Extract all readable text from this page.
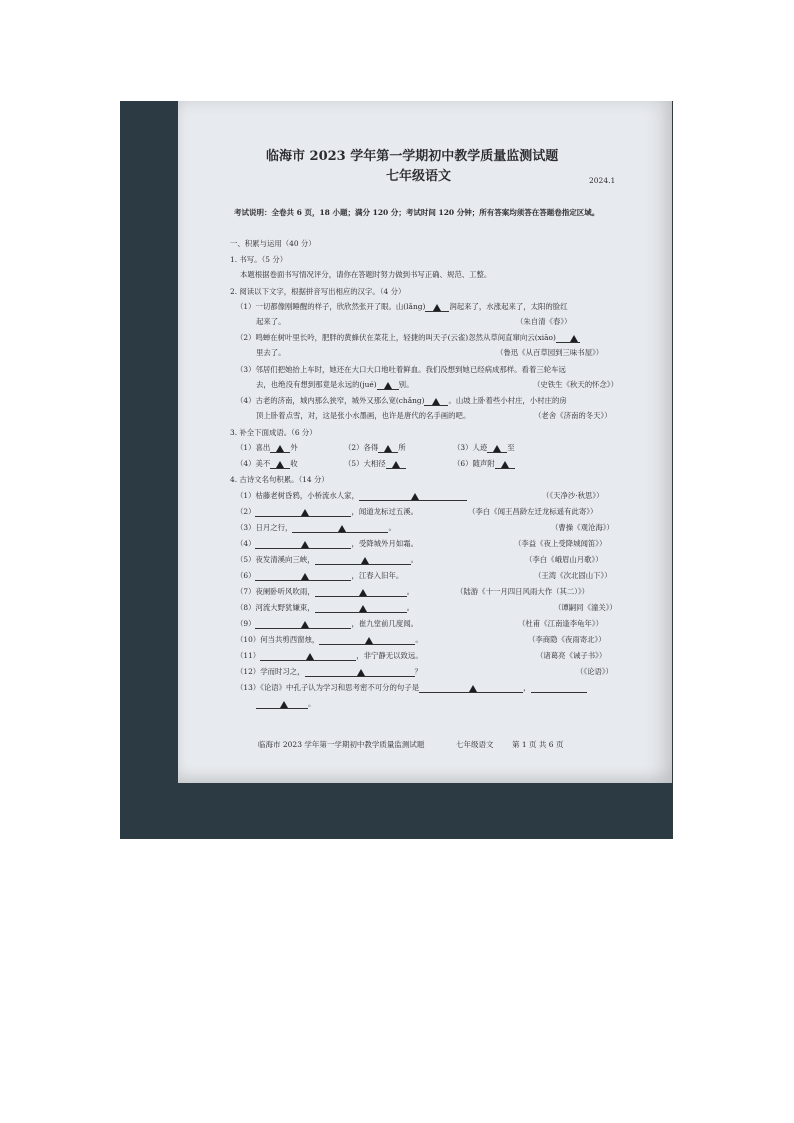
临海市 2023 学年第一学期初中教学质量监测试题
七年级语文	2024.1
考试说明：全卷共 6 页，18 小题；满分 120 分；考试时间 120 分钟；所有答案均须答在答题卷指定区域。
一、积累与运用（40 分）
1. 书写。（5 分）
本题根据卷面书写情况评分，请你在答题时努力做到书写正确、规范、工整。
2. 阅读以下文字，根据拼音写出相应的汉字。（4 分）
（1）一切都像刚睡醒的样子，欣欣然张开了眼。山(lǎng)	润起来了，水涨起来了，太阳的脸红
起来了。	（朱自清《春》）
（2）鸣蝉在树叶里长吟，肥胖的黄蜂伏在菜花上，轻捷的叫天子(云雀)忽然从草间直窜向云(xiāo)
里去了。	（鲁迅《从百草园到三味书屋》）
（3）邻居们把她抬上车时，她还在大口大口地吐着鲜血。我们没想到她已经病成那样。看着三轮车远
去，也绝没有想到那竟是永远的(jué)	别。	（史铁生《秋天的怀念》）
（4）古老的济南，城内那么狭窄，城外又那么宽(chǎng)	。山坡上卧着些小村庄，小村庄的房
顶上卧着点雪，对，这是张小水墨画，也许是唐代的名手画的吧。	（老舍《济南的冬天》）
3. 补全下面成语。（6 分）
（1）喜出	外	（2）各得	所	（3）人迹	至
（4）美不	收	（5）大相径	（6）随声附
4. 古诗文名句积累。（14 分）
（1）枯藤老树昏鸦，小桥流水人家，	（《天净沙·秋思》）
（2）	，闻道龙标过五溪。	（李白《闻王昌龄左迁龙标遥有此寄》）
（3）日月之行，	。	（曹操《观沧海》）
（4）	，受降城外月如霜。	（李益《夜上受降城闻笛》）
（5）夜发清溪向三峡，	。	（李白《峨眉山月歌》）
（6）	，江春入旧年。	（王湾《次北固山下》）
（7）夜阑卧听风吹雨，	。	（陆游《十一月四日风雨大作（其二）》）
（8）河流大野犹嫌束，	。	（谭嗣同《潼关》）
（9）	，崔九堂前几度闻。	（杜甫《江南逢李龟年》）
（10）何当共剪西窗烛，	。	（李商隐《夜雨寄北》）
（11）	，非宁静无以致远。	（诸葛亮《诫子书》）
（12）学而时习之，	？	（《论语》）
（13）《论语》中孔子认为学习和思考密不可分的句子是	，
。
临海市 2023 学年第一学期初中教学质量监测试题	七年级语文 第 1 页 共 6 页
